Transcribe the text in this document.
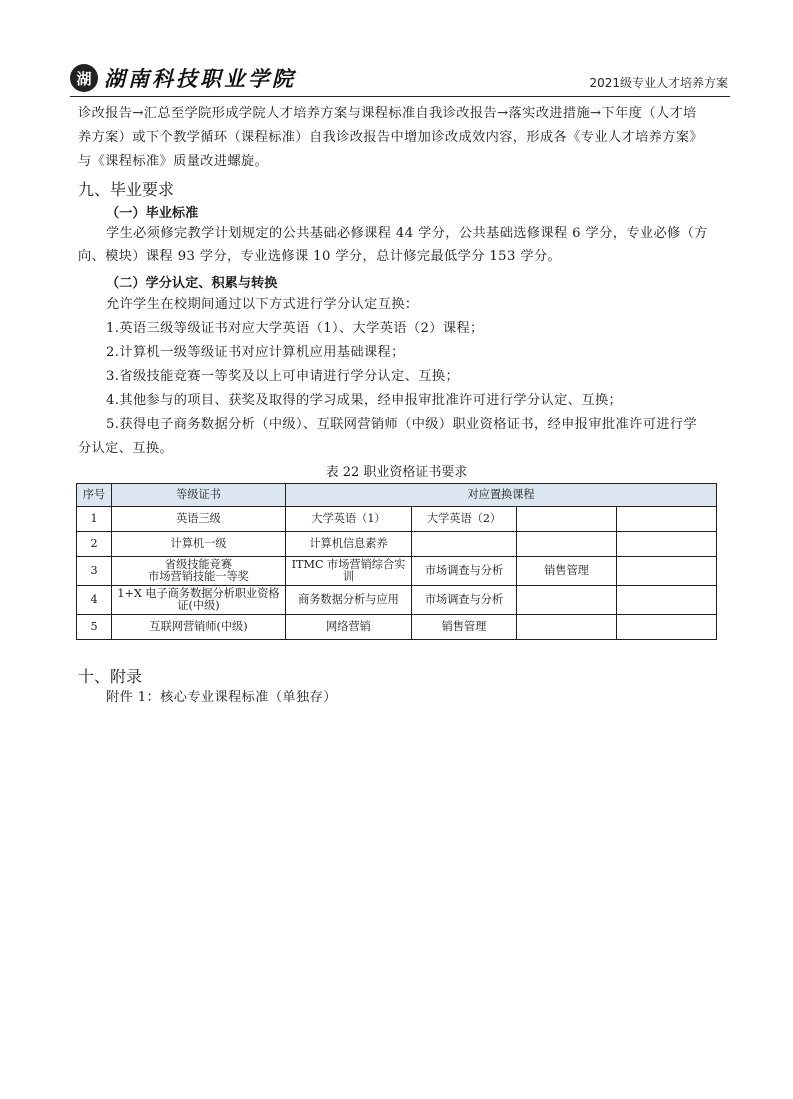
湖 湖南科技职业学院	2021级专业人才培养方案
诊改报告→汇总至学院形成学院人才培养方案与课程标准自我诊改报告→落实改进措施→下年度（人才培
养方案）或下个教学循环（课程标准）自我诊改报告中增加诊改成效内容，形成各《专业人才培养方案》
与《课程标准》质量改进螺旋。
九、毕业要求
（一）毕业标准
学生必须修完教学计划规定的公共基础必修课程 44 学分，公共基础选修课程 6 学分，专业必修（方
向、模块）课程 93 学分，专业选修课 10 学分，总计修完最低学分 153 学分。
（二）学分认定、积累与转换
允许学生在校期间通过以下方式进行学分认定互换：
1.英语三级等级证书对应大学英语（1）、大学英语（2）课程；
2.计算机一级等级证书对应计算机应用基础课程；
3.省级技能竞赛一等奖及以上可申请进行学分认定、互换；
4.其他参与的项目、获奖及取得的学习成果，经申报审批准许可进行学分认定、互换；
5.获得电子商务数据分析（中级）、互联网营销师（中级）职业资格证书，经申报审批准许可进行学
分认定、互换。
表 22 职业资格证书要求
序号	等级证书	对应置换课程			
1	英语三级	大学英语（1）	大学英语（2）		
2	计算机一级	计算机信息素养			
3	省级技能竞赛
市场营销技能一等奖	ITMC 市场营销综合实训	市场调查与分析	销售管理	
4	1+X 电子商务数据分析职业资格证(中级)	商务数据分析与应用	市场调查与分析		
5	互联网营销师(中级)	网络营销	销售管理		
十、附录
附件 1：核心专业课程标准（单独存）
